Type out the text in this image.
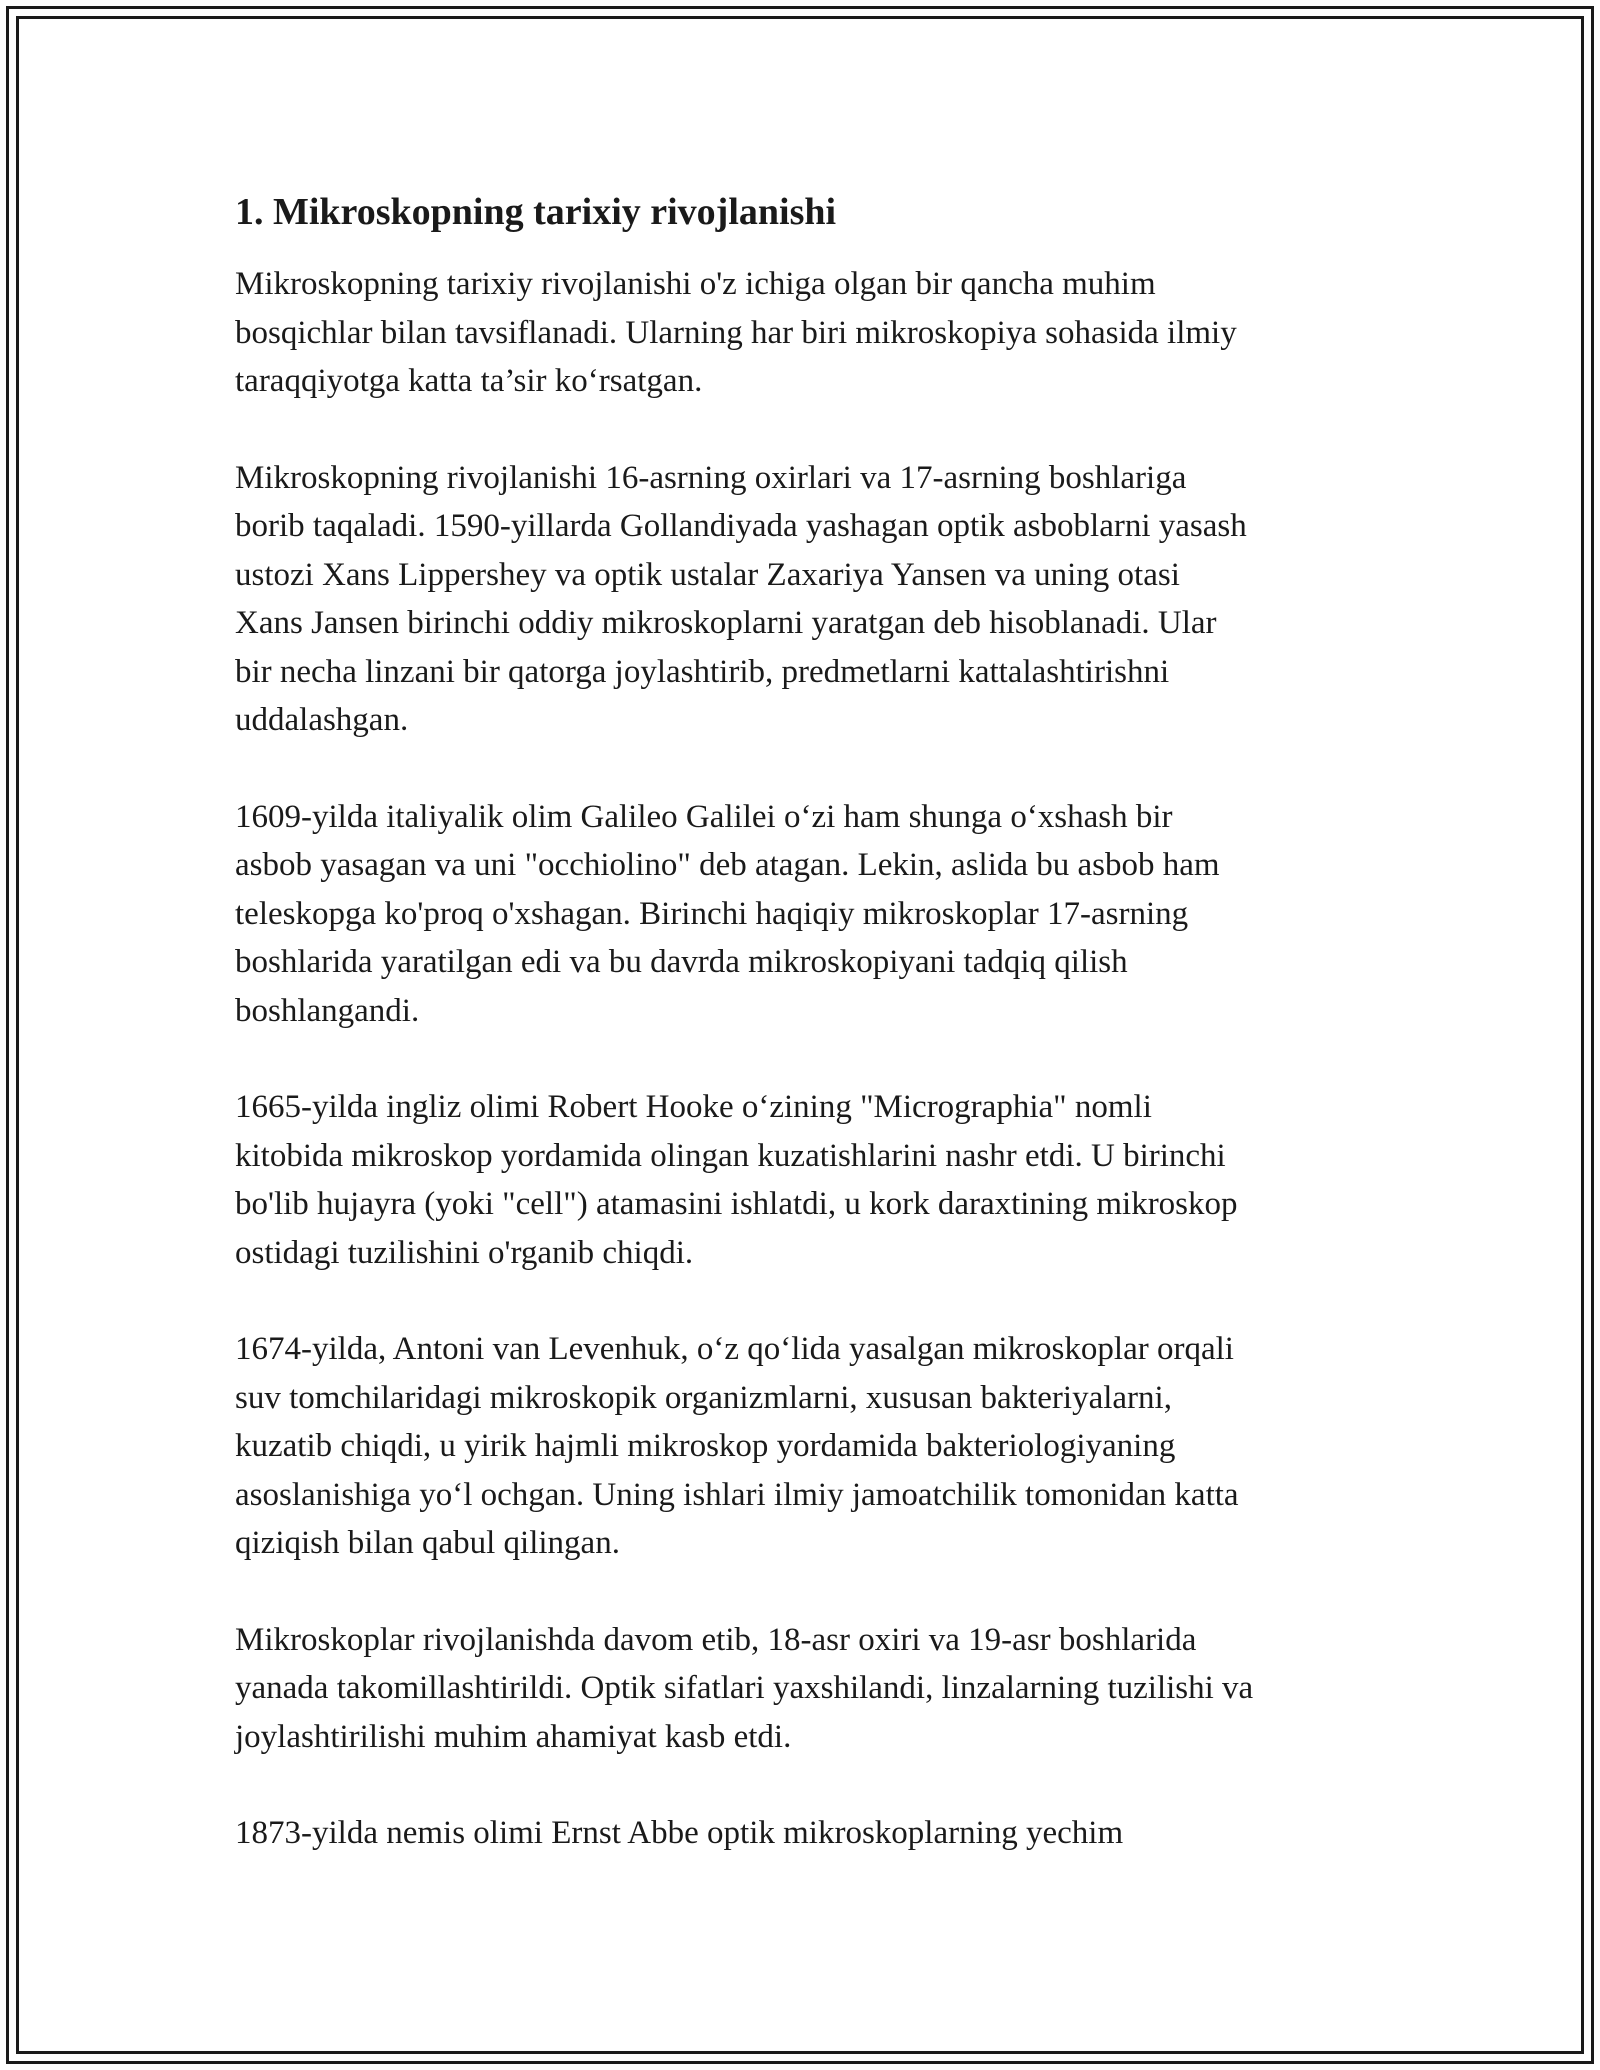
1. Mikroskopning tarixiy rivojlanishi
Mikroskopning tarixiy rivojlanishi o'z ichiga olgan bir qancha muhim
bosqichlar bilan tavsiflanadi. Ularning har biri mikroskopiya sohasida ilmiy
taraqqiyotga katta ta’sir ko‘rsatgan.
Mikroskopning rivojlanishi 16-asrning oxirlari va 17-asrning boshlariga
borib taqaladi. 1590-yillarda Gollandiyada yashagan optik asboblarni yasash
ustozi Xans Lippershey va optik ustalar Zaxariya Yansen va uning otasi
Xans Jansen birinchi oddiy mikroskoplarni yaratgan deb hisoblanadi. Ular
bir necha linzani bir qatorga joylashtirib, predmetlarni kattalashtirishni
uddalashgan.
1609-yilda italiyalik olim Galileo Galilei o‘zi ham shunga o‘xshash bir
asbob yasagan va uni "occhiolino" deb atagan. Lekin, aslida bu asbob ham
teleskopga ko'proq o'xshagan. Birinchi haqiqiy mikroskoplar 17-asrning
boshlarida yaratilgan edi va bu davrda mikroskopiyani tadqiq qilish
boshlangandi.
1665-yilda ingliz olimi Robert Hooke o‘zining "Micrographia" nomli
kitobida mikroskop yordamida olingan kuzatishlarini nashr etdi. U birinchi
bo'lib hujayra (yoki "cell") atamasini ishlatdi, u kork daraxtining mikroskop
ostidagi tuzilishini o'rganib chiqdi.
1674-yilda, Antoni van Levenhuk, o‘z qo‘lida yasalgan mikroskoplar orqali
suv tomchilaridagi mikroskopik organizmlarni, xususan bakteriyalarni,
kuzatib chiqdi, u yirik hajmli mikroskop yordamida bakteriologiyaning
asoslanishiga yo‘l ochgan. Uning ishlari ilmiy jamoatchilik tomonidan katta
qiziqish bilan qabul qilingan.
Mikroskoplar rivojlanishda davom etib, 18-asr oxiri va 19-asr boshlarida
yanada takomillashtirildi. Optik sifatlari yaxshilandi, linzalarning tuzilishi va
joylashtirilishi muhim ahamiyat kasb etdi.
1873-yilda nemis olimi Ernst Abbe optik mikroskoplarning yechim
